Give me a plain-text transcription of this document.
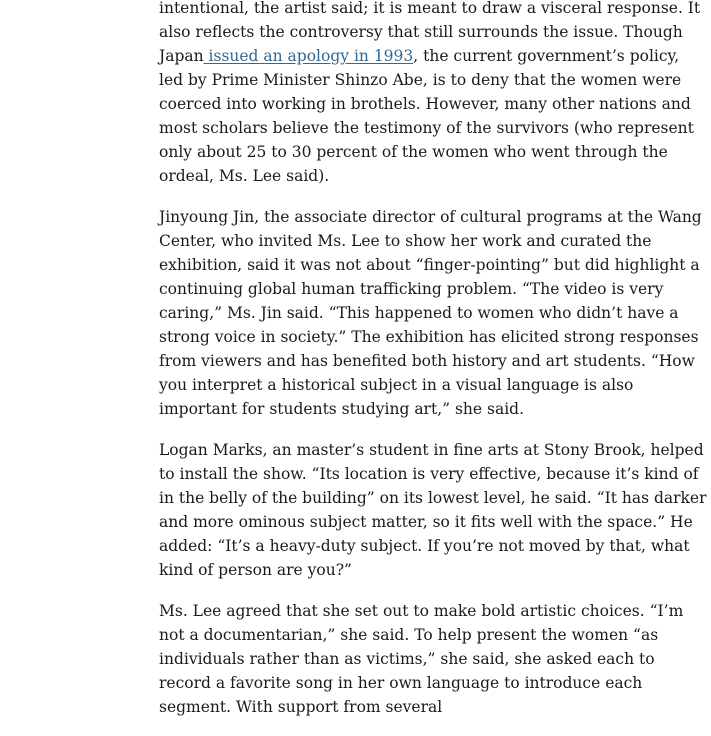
intentional, the artist said; it is meant to draw a visceral response. It also reflects the controversy that still surrounds the issue. Though Japan issued an apology in 1993, the current government’s policy, led by Prime Minister Shinzo Abe, is to deny that the women were coerced into working in brothels. However, many other nations and most scholars believe the testimony of the survivors (who represent only about 25 to 30 percent of the women who went through the ordeal, Ms. Lee said).

Jinyoung Jin, the associate director of cultural programs at the Wang Center, who invited Ms. Lee to show her work and curated the exhibition, said it was not about “finger-pointing” but did highlight a continuing global human trafficking problem. “The video is very caring,” Ms. Jin said. “This happened to women who didn’t have a strong voice in society.” The exhibition has elicited strong responses from viewers and has benefited both history and art students. “How you interpret a historical subject in a visual language is also important for students studying art,” she said.

Logan Marks, an master’s student in fine arts at Stony Brook, helped to install the show. “Its location is very effective, because it’s kind of in the belly of the building” on its lowest level, he said. “It has darker and more ominous subject matter, so it fits well with the space.” He added: “It’s a heavy-duty subject. If you’re not moved by that, what kind of person are you?”

Ms. Lee agreed that she set out to make bold artistic choices. “I’m not a documentarian,” she said. To help present the women “as individuals rather than as victims,” she said, she asked each to record a favorite song in her own language to introduce each segment. With support from several
